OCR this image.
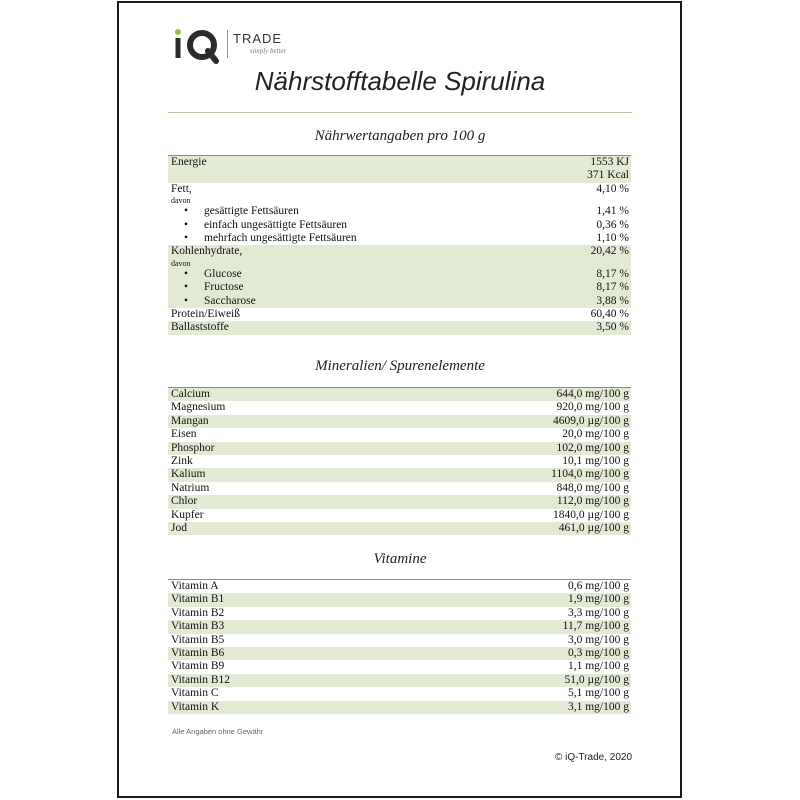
TRADE
simply better
Nährstofftabelle Spirulina
Nährwertangaben pro 100 g
Energie	1553 KJ
371 Kcal
Fett,	4,10 %
davon
• gesättigte Fettsäuren	1,41 %
• einfach ungesättigte Fettsäuren	0,36 %
• mehrfach ungesättigte Fettsäuren	1,10 %
Kohlenhydrate,	20,42 %
davon
• Glucose	8,17 %
• Fructose	8,17 %
• Saccharose	3,88 %
Protein/Eiweiß	60,40 %
Ballaststoffe	3,50 %
Mineralien/ Spurenelemente
Calcium	644,0 mg/100 g
Magnesium	920,0 mg/100 g
Mangan	4609,0 µg/100 g
Eisen	20,0 mg/100 g
Phosphor	102,0 mg/100 g
Zink	10,1 mg/100 g
Kalium	1104,0 mg/100 g
Natrium	848,0 mg/100 g
Chlor	112,0 mg/100 g
Kupfer	1840,0 µg/100 g
Jod	461,0 µg/100 g
Vitamine
Vitamin A	0,6 mg/100 g
Vitamin B1	1,9 mg/100 g
Vitamin B2	3,3 mg/100 g
Vitamin B3	11,7 mg/100 g
Vitamin B5	3,0 mg/100 g
Vitamin B6	0,3 mg/100 g
Vitamin B9	1,1 mg/100 g
Vitamin B12	51,0 µg/100 g
Vitamin C	5,1 mg/100 g
Vitamin K	3,1 mg/100 g
Alle Angaben ohne Gewähr
© iQ-Trade, 2020
